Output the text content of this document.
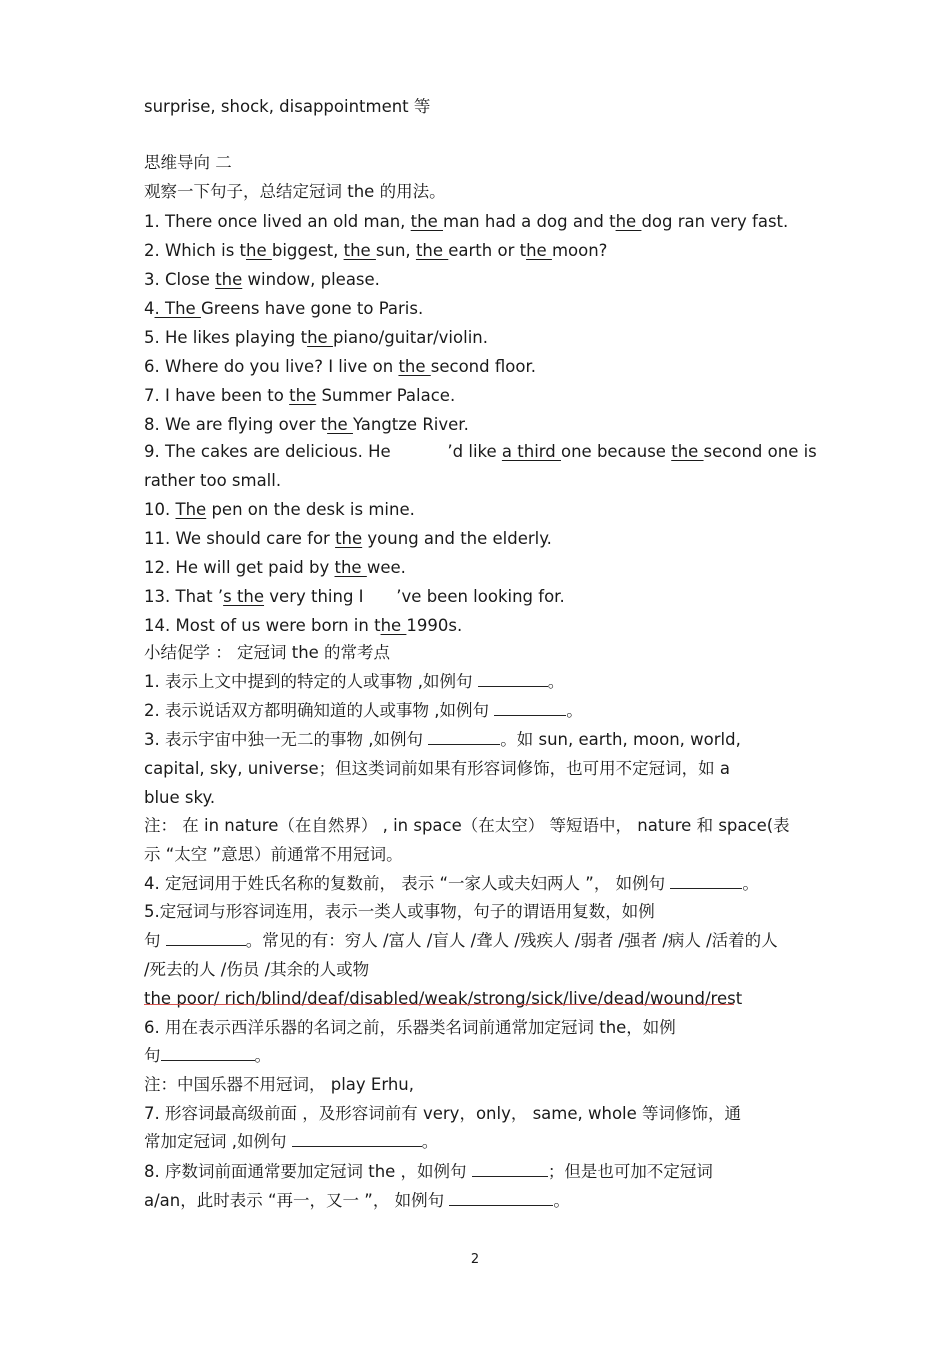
surprise, shock, disappointment 等
思维导向 二
观察一下句子，总结定冠词 the 的用法。
1. There once lived an old man, the man had a dog and the dog ran very fast.
2. Which is the biggest, the sun, the earth or the moon?
3. Close the window, please.
4. The Greens have gone to Paris.
5. He likes playing the piano/guitar/violin.
6. Where do you live? I live on the second floor.
7. I have been to the Summer Palace.
8. We are flying over the Yangtze River.
9. The cakes are delicious. He	’d like a third one because the second one is
rather too small.
10. The pen on the desk is mine.
11. We should care for the young and the elderly.
12. He will get paid by the wee.
13. That ’s the very thing I ’ve been looking for.
14. Most of us were born in the 1990s.
小结促学 ： 定冠词 the 的常考点
1. 表示上文中提到的特定的人或事物 ,如例句	。
2. 表示说话双方都明确知道的人或事物 ,如例句	。
3. 表示宇宙中独一无二的事物 ,如例句	。如 sun, earth, moon, world,
capital, sky, universe；但这类词前如果有形容词修饰，也可用不定冠词，如 a
blue sky.
注： 在 in nature（在自然界） , in space（在太空） 等短语中， nature 和 space(表
示 “太空 ”意思）前通常不用冠词。
4. 定冠词用于姓氏名称的复数前， 表示 “一家人或夫妇两人 ”， 如例句	。
5.定冠词与形容词连用，表示一类人或事物，句子的谓语用复数，如例
句	。常见的有：穷人 /富人 /盲人 /聋人 /残疾人 /弱者 /强者 /病人 /活着的人
/死去的人 /伤员 /其余的人或物
the poor/ rich/blind/deaf/disabled/weak/strong/sick/live/dead/wound/rest
6. 用在表示西洋乐器的名词之前，乐器类名词前通常加定冠词 the，如例
句	。
注：中国乐器不用冠词， play Erhu,
7. 形容词最高级前面 ，及形容词前有 very，only， same, whole 等词修饰，通
常加定冠词 ,如例句	。
8. 序数词前面通常要加定冠词 the ，如例句	；但是也可加不定冠词
a/an，此时表示 “再一，又一 ”， 如例句	。
2
